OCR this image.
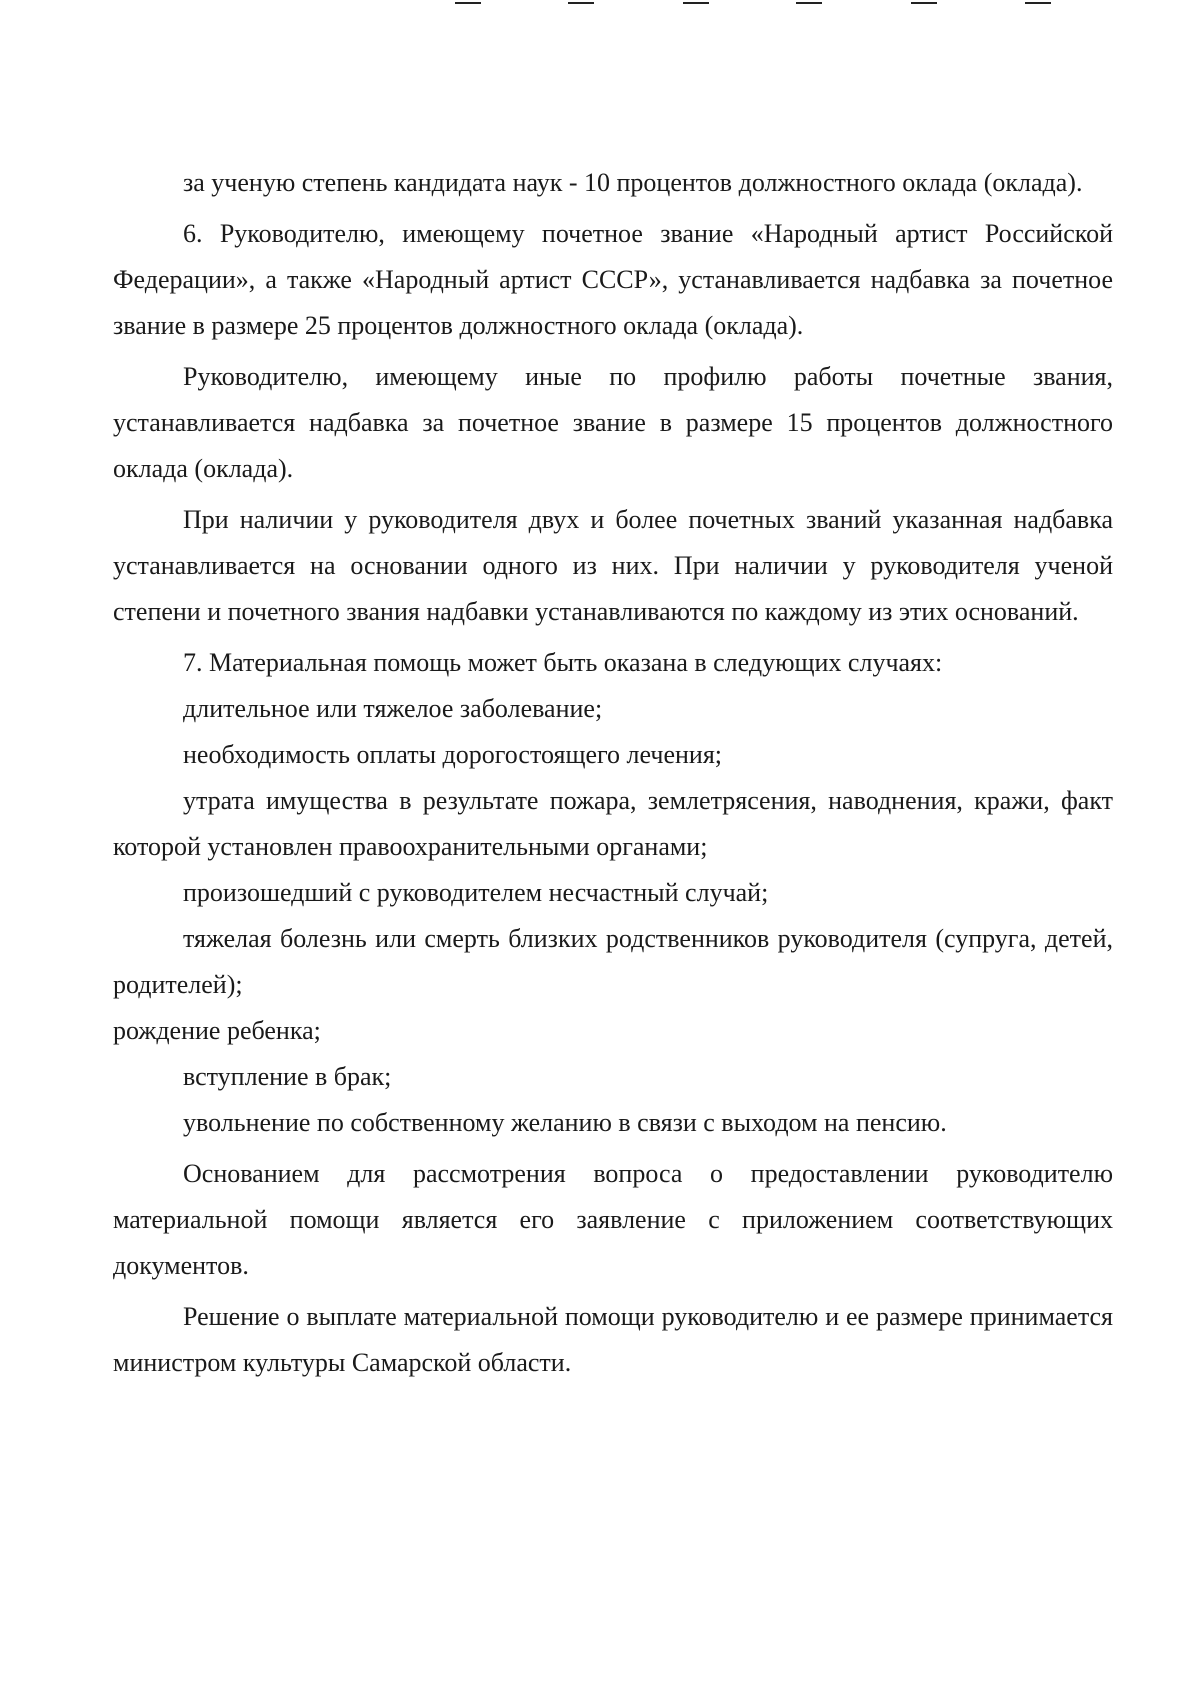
за ученую степень кандидата наук - 10 процентов должностного оклада (оклада).

6. Руководителю, имеющему почетное звание «Народный артист Российской Федерации», а также «Народный артист СССР», устанавливается надбавка за почетное звание в размере 25 процентов должностного оклада (оклада).

Руководителю, имеющему иные по профилю работы почетные звания, устанавливается надбавка за почетное звание в размере 15 процентов должностного оклада (оклада).

При наличии у руководителя двух и более почетных званий указанная надбавка устанавливается на основании одного из них. При наличии у руководителя ученой степени и почетного звания надбавки устанавливаются по каждому из этих оснований.

7. Материальная помощь может быть оказана в следующих случаях:

длительное или тяжелое заболевание;

необходимость оплаты дорогостоящего лечения;

утрата имущества в результате пожара, землетрясения, наводнения, кражи, факт которой установлен правоохранительными органами;

произошедший с руководителем несчастный случай;

тяжелая болезнь или смерть близких родственников руководителя (супруга, детей, родителей);

рождение ребенка;

вступление в брак;

увольнение по собственному желанию в связи с выходом на пенсию.

Основанием для рассмотрения вопроса о предоставлении руководителю материальной помощи является его заявление с приложением соответствующих документов.

Решение о выплате материальной помощи руководителю и ее размере принимается министром культуры Самарской области.
